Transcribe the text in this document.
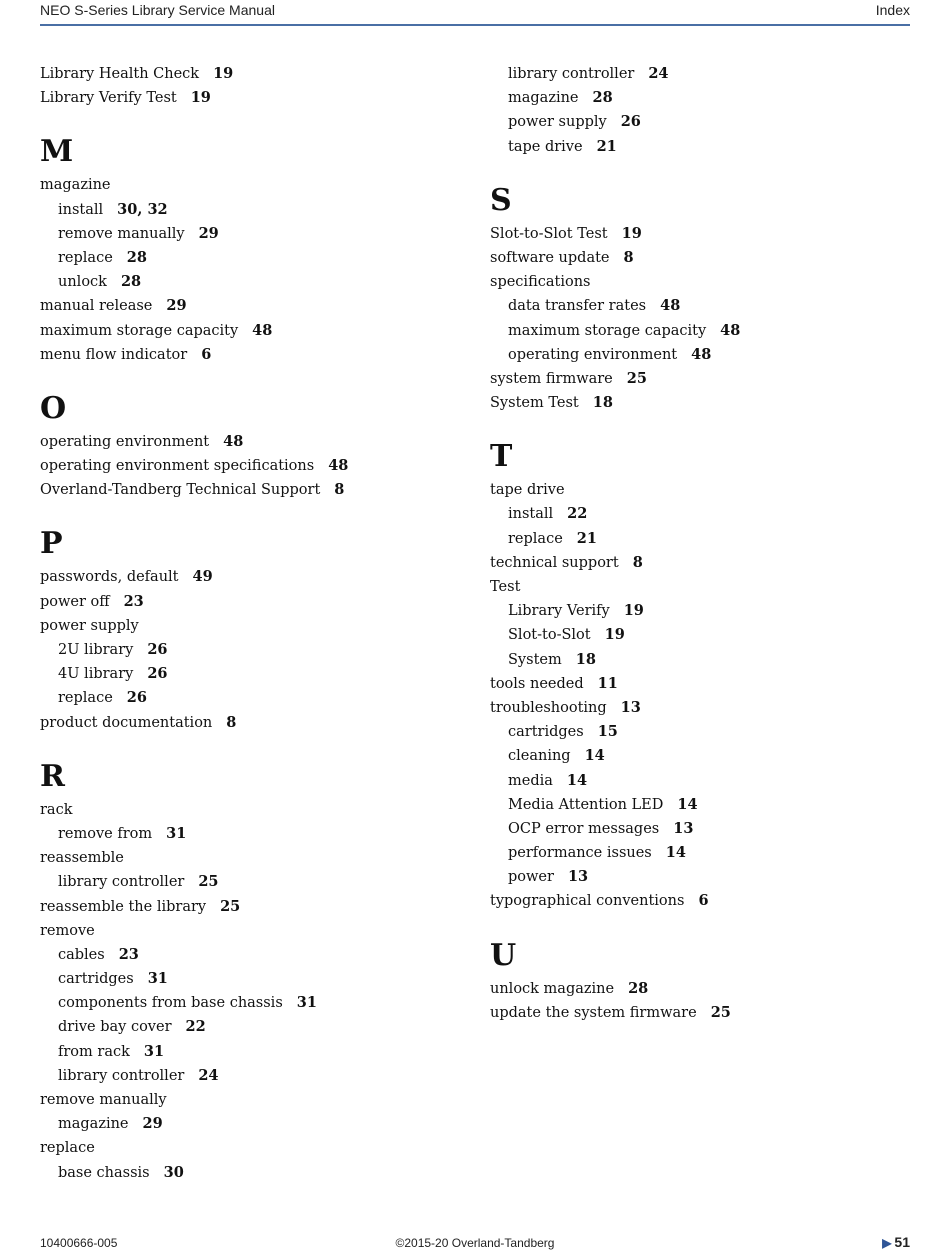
NEO S-Series Library Service Manual	Index
Library Health Check 19
Library Verify Test 19
M
magazine
install 30, 32
remove manually 29
replace 28
unlock 28
manual release 29
maximum storage capacity 48
menu flow indicator 6
O
operating environment 48
operating environment specifications 48
Overland-Tandberg Technical Support 8
P
passwords, default 49
power off 23
power supply
2U library 26
4U library 26
replace 26
product documentation 8
R
rack
remove from 31
reassemble
library controller 25
reassemble the library 25
remove
cables 23
cartridges 31
components from base chassis 31
drive bay cover 22
from rack 31
library controller 24
remove manually
magazine 29
replace
base chassis 30
library controller 24
magazine 28
power supply 26
tape drive 21
S
Slot-to-Slot Test 19
software update 8
specifications
data transfer rates 48
maximum storage capacity 48
operating environment 48
system firmware 25
System Test 18
T
tape drive
install 22
replace 21
technical support 8
Test
Library Verify 19
Slot-to-Slot 19
System 18
tools needed 11
troubleshooting 13
cartridges 15
cleaning 14
media 14
Media Attention LED 14
OCP error messages 13
performance issues 14
power 13
typographical conventions 6
U
unlock magazine 28
update the system firmware 25
10400666-005	©2015-20 Overland-Tandberg	▶ 51
